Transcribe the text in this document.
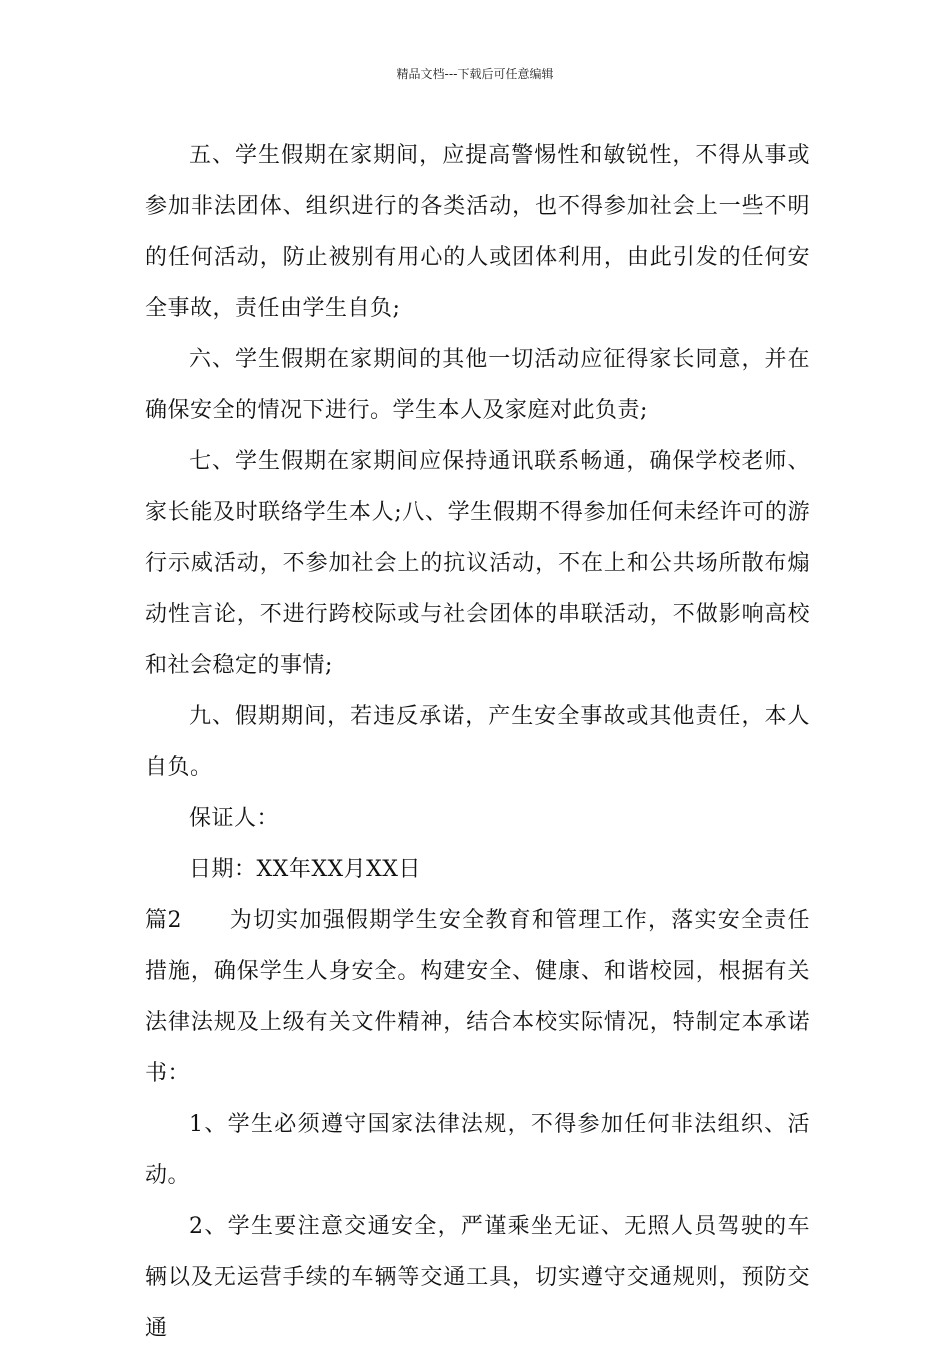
精品文档---下载后可任意编辑

五、学生假期在家期间，应提高警惕性和敏锐性，不得从事或参加非法团体、组织进行的各类活动，也不得参加社会上一些不明的任何活动，防止被别有用心的人或团体利用，由此引发的任何安全事故，责任由学生自负;

六、学生假期在家期间的其他一切活动应征得家长同意，并在确保安全的情况下进行。学生本人及家庭对此负责;

七、学生假期在家期间应保持通讯联系畅通，确保学校老师、家长能及时联络学生本人;八、学生假期不得参加任何未经许可的游行示威活动，不参加社会上的抗议活动，不在上和公共场所散布煽动性言论，不进行跨校际或与社会团体的串联活动，不做影响高校和社会稳定的事情;

九、假期期间，若违反承诺，产生安全事故或其他责任，本人自负。

保证人：

日期：XX年XX月XX日

篇2 为切实加强假期学生安全教育和管理工作，落实安全责任措施，确保学生人身安全。构建安全、健康、和谐校园，根据有关法律法规及上级有关文件精神，结合本校实际情况，特制定本承诺书：

1、学生必须遵守国家法律法规，不得参加任何非法组织、活动。

2、学生要注意交通安全，严谨乘坐无证、无照人员驾驶的车辆以及无运营手续的车辆等交通工具，切实遵守交通规则，预防交通
